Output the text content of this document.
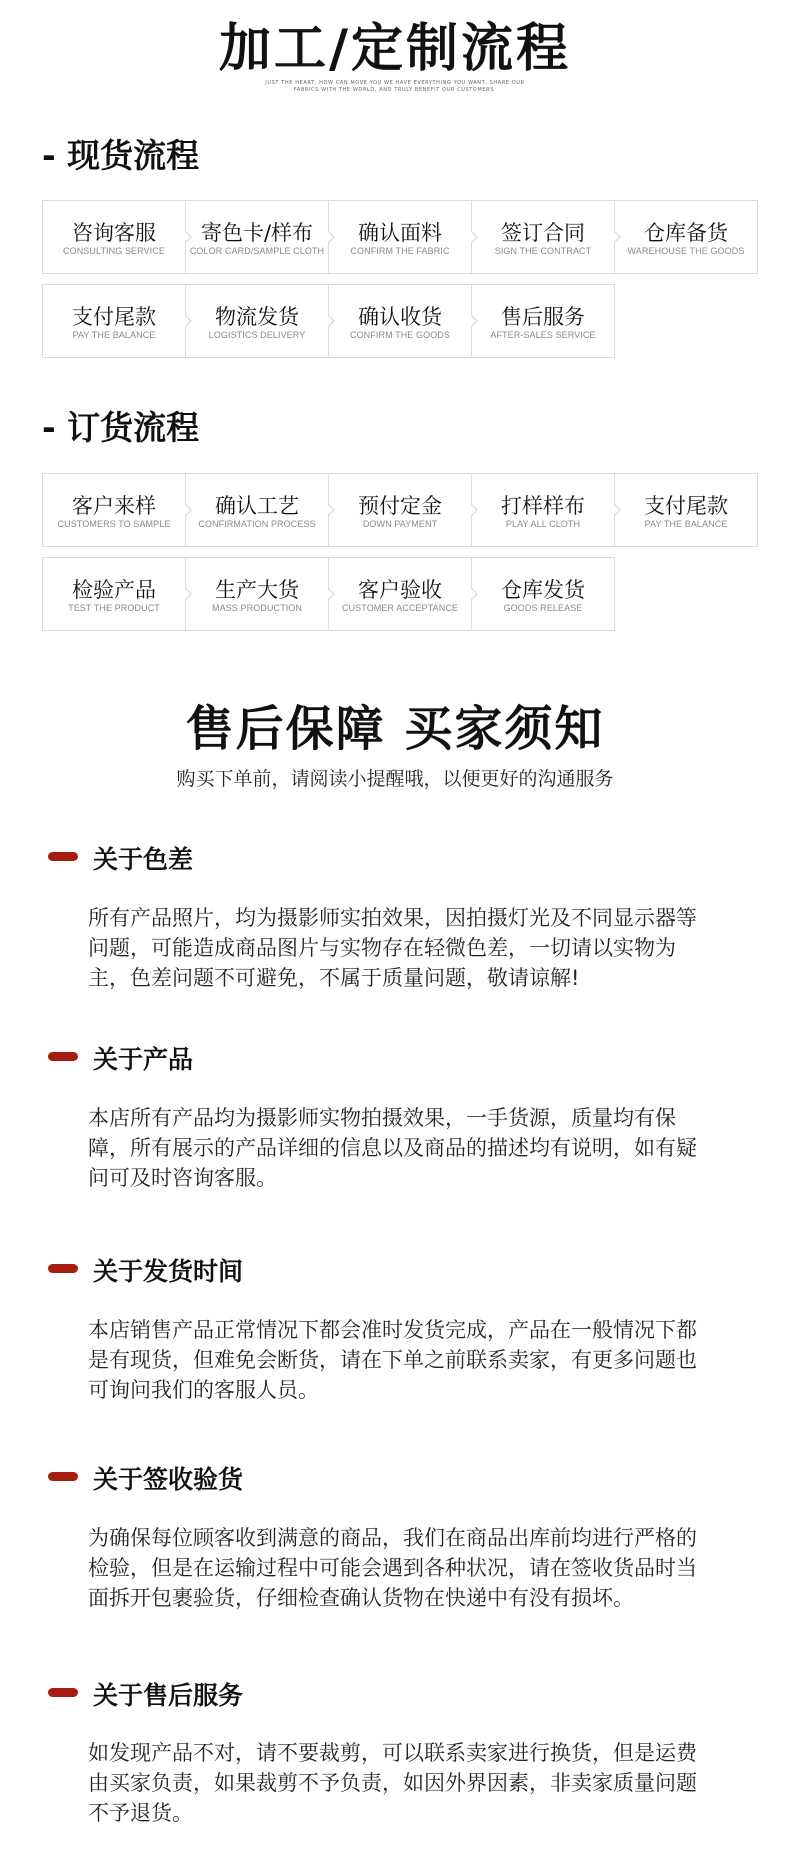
加工/定制流程
JUST THE HEART, HOW CAN MOVE YOU WE HAVE EVERYTHING YOU WANT, SHARE OUR
FABRICS WITH THE WORLD, AND TRULY BENEFIT OUR CUSTOMERS.
- 现货流程
咨询客服
CONSULTING SERVICE
寄色卡/样布
COLOR CARD/SAMPLE CLOTH
确认面料
CONFIRM THE FABRIC
签订合同
SIGN THE CONTRACT
仓库备货
WAREHOUSE THE GOODS
支付尾款
PAY THE BALANCE
物流发货
LOGISTICS DELIVERY
确认收货
CONFIRM THE GOODS
售后服务
AFTER-SALES SERVICE
- 订货流程
客户来样
CUSTOMERS TO SAMPLE
确认工艺
CONFIRMATION PROCESS
预付定金
DOWN PAYMENT
打样样布
PLAY ALL CLOTH
支付尾款
PAY THE BALANCE
检验产品
TEST THE PRODUCT
生产大货
MASS PRODUCTION
客户验收
CUSTOMER ACCEPTANCE
仓库发货
GOODS RELEASE
售后保障 买家须知
购买下单前，请阅读小提醒哦，以便更好的沟通服务
关于色差
所有产品照片，均为摄影师实拍效果，因拍摄灯光及不同显示器等
问题，可能造成商品图片与实物存在轻微色差，一切请以实物为
主，色差问题不可避免，不属于质量问题，敬请谅解!
关于产品
本店所有产品均为摄影师实物拍摄效果，一手货源，质量均有保
障，所有展示的产品详细的信息以及商品的描述均有说明，如有疑
问可及时咨询客服。
关于发货时间
本店销售产品正常情况下都会准时发货完成，产品在一般情况下都
是有现货，但难免会断货，请在下单之前联系卖家，有更多问题也
可询问我们的客服人员。
关于签收验货
为确保每位顾客收到满意的商品，我们在商品出库前均进行严格的
检验，但是在运输过程中可能会遇到各种状况，请在签收货品时当
面拆开包裹验货，仔细检查确认货物在快递中有没有损坏。
关于售后服务
如发现产品不对，请不要裁剪，可以联系卖家进行换货，但是运费
由买家负责，如果裁剪不予负责，如因外界因素，非卖家质量问题
不予退货。
